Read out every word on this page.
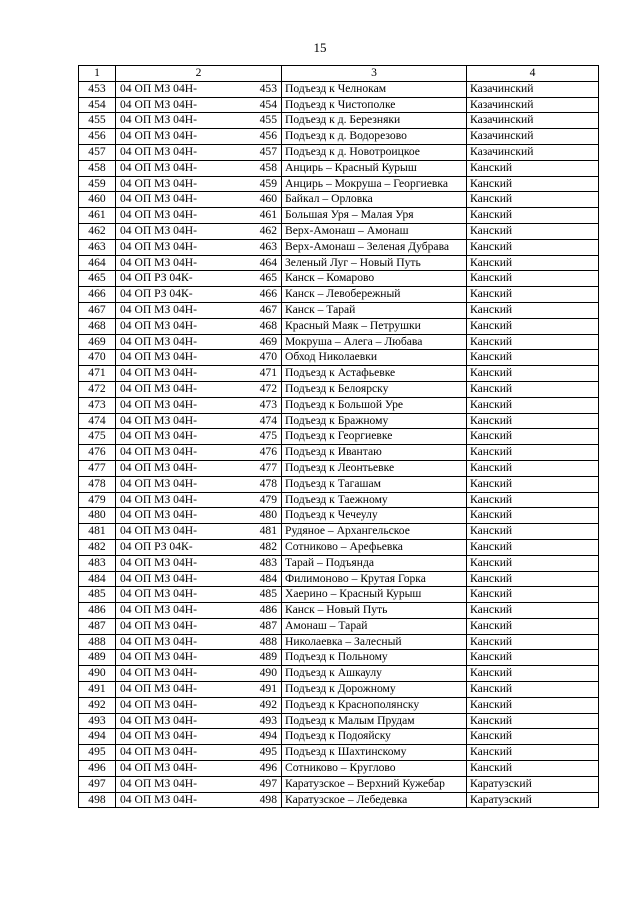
15
1	2	3	4
453	04 ОП МЗ 04Н- 453	Подъезд к Челнокам	Казачинский
454	04 ОП МЗ 04Н- 454	Подъезд к Чистополке	Казачинский
455	04 ОП МЗ 04Н- 455	Подъезд к д. Березняки	Казачинский
456	04 ОП МЗ 04Н- 456	Подъезд к д. Водорезово	Казачинский
457	04 ОП МЗ 04Н- 457	Подъезд к д. Новотроицкое	Казачинский
458	04 ОП МЗ 04Н- 458	Анцирь – Красный Курыш	Канский
459	04 ОП МЗ 04Н- 459	Анцирь – Мокруша – Георгиевка	Канский
460	04 ОП МЗ 04Н- 460	Байкал – Орловка	Канский
461	04 ОП МЗ 04Н- 461	Большая Уря – Малая Уря	Канский
462	04 ОП МЗ 04Н- 462	Верх-Амонаш – Амонаш	Канский
463	04 ОП МЗ 04Н- 463	Верх-Амонаш – Зеленая Дубрава	Канский
464	04 ОП МЗ 04Н- 464	Зеленый Луг – Новый Путь	Канский
465	04 ОП РЗ 04К- 465	Канск – Комарово	Канский
466	04 ОП РЗ 04К- 466	Канск – Левобережный	Канский
467	04 ОП МЗ 04Н- 467	Канск – Тарай	Канский
468	04 ОП МЗ 04Н- 468	Красный Маяк – Петрушки	Канский
469	04 ОП МЗ 04Н- 469	Мокруша – Алега – Любава	Канский
470	04 ОП МЗ 04Н- 470	Обход Николаевки	Канский
471	04 ОП МЗ 04Н- 471	Подъезд к Астафьевке	Канский
472	04 ОП МЗ 04Н- 472	Подъезд к Белоярску	Канский
473	04 ОП МЗ 04Н- 473	Подъезд к Большой Уре	Канский
474	04 ОП МЗ 04Н- 474	Подъезд к Бражному	Канский
475	04 ОП МЗ 04Н- 475	Подъезд к Георгиевке	Канский
476	04 ОП МЗ 04Н- 476	Подъезд к Ивантаю	Канский
477	04 ОП МЗ 04Н- 477	Подъезд к Леонтьевке	Канский
478	04 ОП МЗ 04Н- 478	Подъезд к Тагашам	Канский
479	04 ОП МЗ 04Н- 479	Подъезд к Таежному	Канский
480	04 ОП МЗ 04Н- 480	Подъезд к Чечеулу	Канский
481	04 ОП МЗ 04Н- 481	Рудяное – Архангельское	Канский
482	04 ОП РЗ 04К- 482	Сотниково – Арефьевка	Канский
483	04 ОП МЗ 04Н- 483	Тарай – Подъянда	Канский
484	04 ОП МЗ 04Н- 484	Филимоново – Крутая Горка	Канский
485	04 ОП МЗ 04Н- 485	Хаерино – Красный Курыш	Канский
486	04 ОП МЗ 04Н- 486	Канск – Новый Путь	Канский
487	04 ОП МЗ 04Н- 487	Амонаш – Тарай	Канский
488	04 ОП МЗ 04Н- 488	Николаевка – Залесный	Канский
489	04 ОП МЗ 04Н- 489	Подъезд к Польному	Канский
490	04 ОП МЗ 04Н- 490	Подъезд к Ашкаулу	Канский
491	04 ОП МЗ 04Н- 491	Подъезд к Дорожному	Канский
492	04 ОП МЗ 04Н- 492	Подъезд к Краснополянску	Канский
493	04 ОП МЗ 04Н- 493	Подъезд к Малым Прудам	Канский
494	04 ОП МЗ 04Н- 494	Подъезд к Подояйску	Канский
495	04 ОП МЗ 04Н- 495	Подъезд к Шахтинскому	Канский
496	04 ОП МЗ 04Н- 496	Сотниково – Круглово	Канский
497	04 ОП МЗ 04Н- 497	Каратузское – Верхний Кужебар	Каратузский
498	04 ОП МЗ 04Н- 498	Каратузское – Лебедевка	Каратузский
